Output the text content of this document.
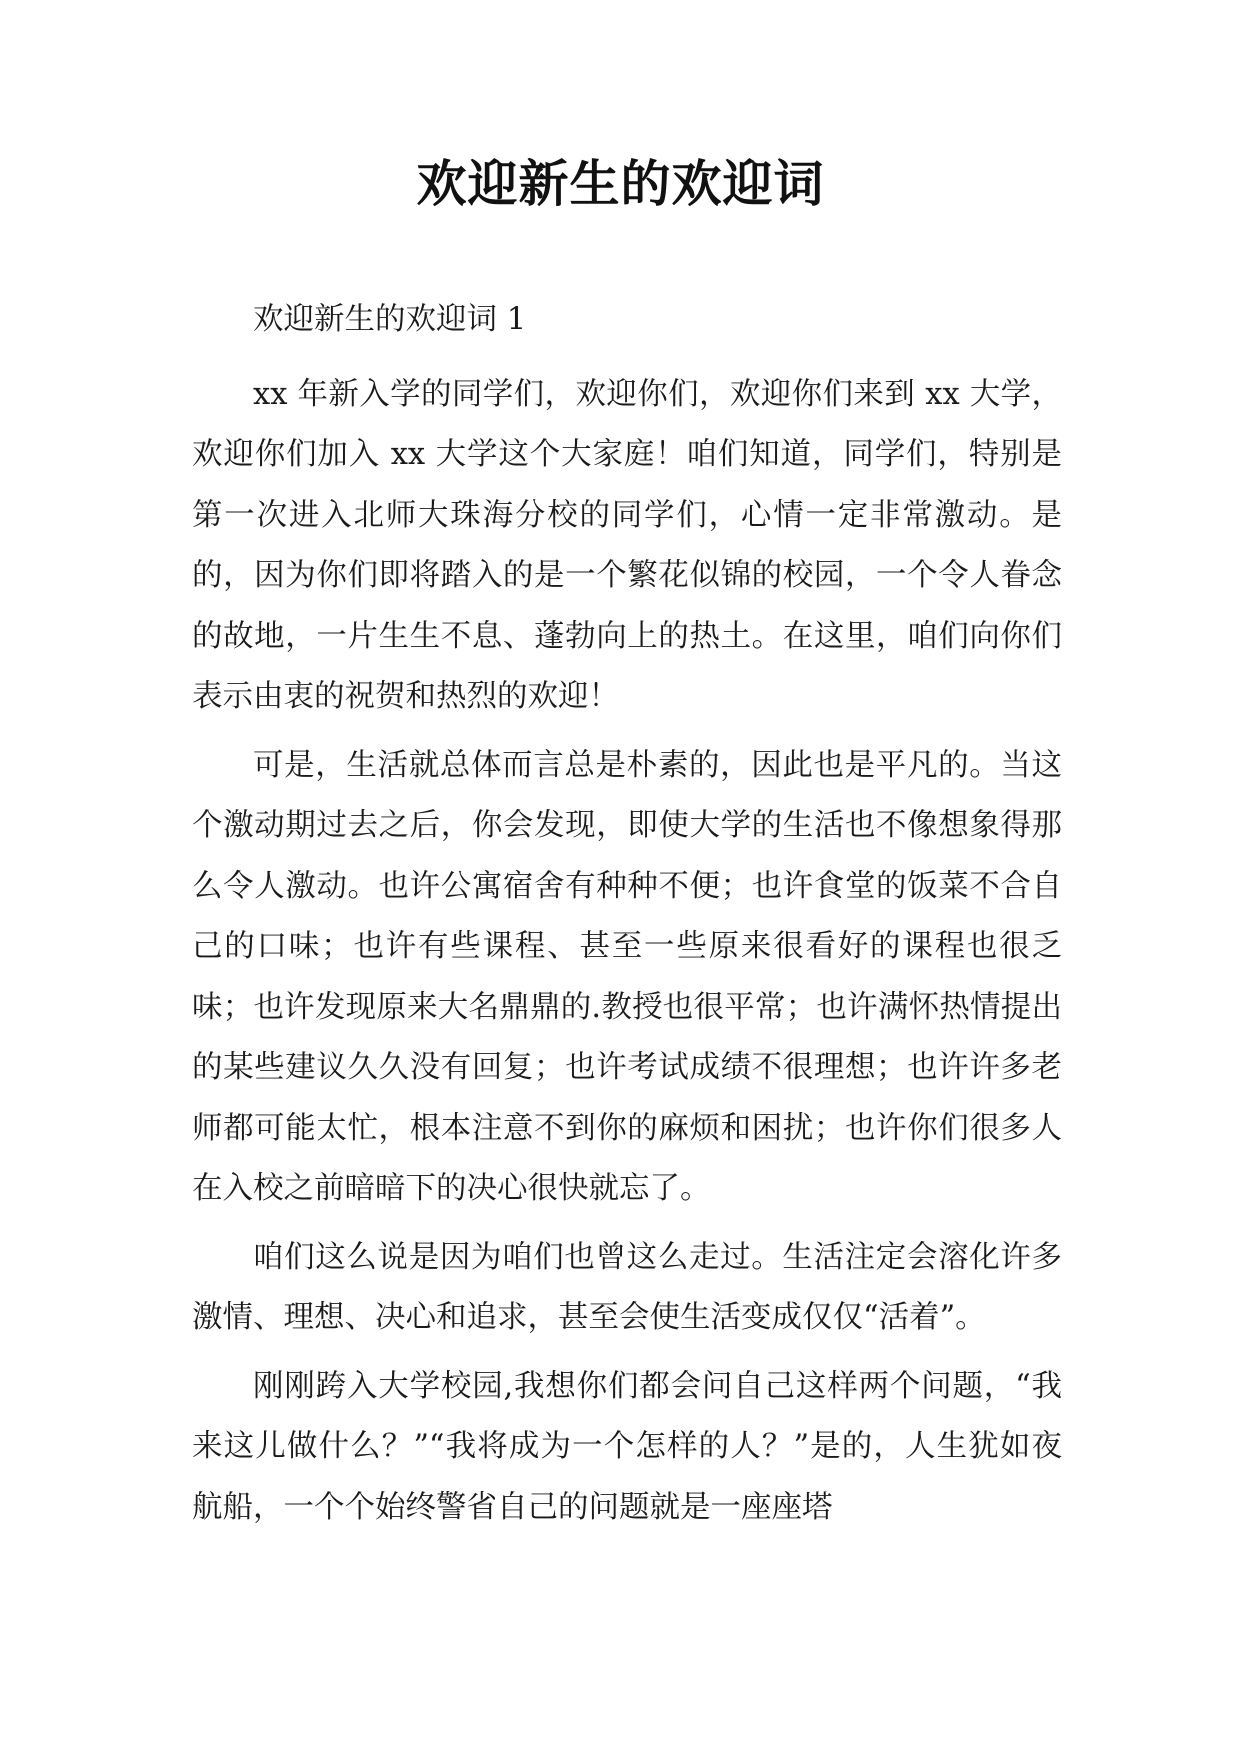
欢迎新生的欢迎词

欢迎新生的欢迎词 1

xx 年新入学的同学们，欢迎你们，欢迎你们来到 xx 大学，欢迎你们加入 xx 大学这个大家庭！咱们知道，同学们，特别是第一次进入北师大珠海分校的同学们，心情一定非常激动。是的，因为你们即将踏入的是一个繁花似锦的校园，一个令人眷念的故地，一片生生不息、蓬勃向上的热土。在这里，咱们向你们表示由衷的祝贺和热烈的欢迎！

可是，生活就总体而言总是朴素的，因此也是平凡的。当这个激动期过去之后，你会发现，即使大学的生活也不像想象得那么令人激动。也许公寓宿舍有种种不便；也许食堂的饭菜不合自己的口味；也许有些课程、甚至一些原来很看好的课程也很乏味；也许发现原来大名鼎鼎的.教授也很平常；也许满怀热情提出的某些建议久久没有回复；也许考试成绩不很理想；也许许多老师都可能太忙，根本注意不到你的麻烦和困扰；也许你们很多人在入校之前暗暗下的决心很快就忘了。

咱们这么说是因为咱们也曾这么走过。生活注定会溶化许多激情、理想、决心和追求，甚至会使生活变成仅仅“活着”。

刚刚跨入大学校园,我想你们都会问自己这样两个问题，“我来这儿做什么？”“我将成为一个怎样的人？”是的，人生犹如夜航船，一个个始终警省自己的问题就是一座座塔
